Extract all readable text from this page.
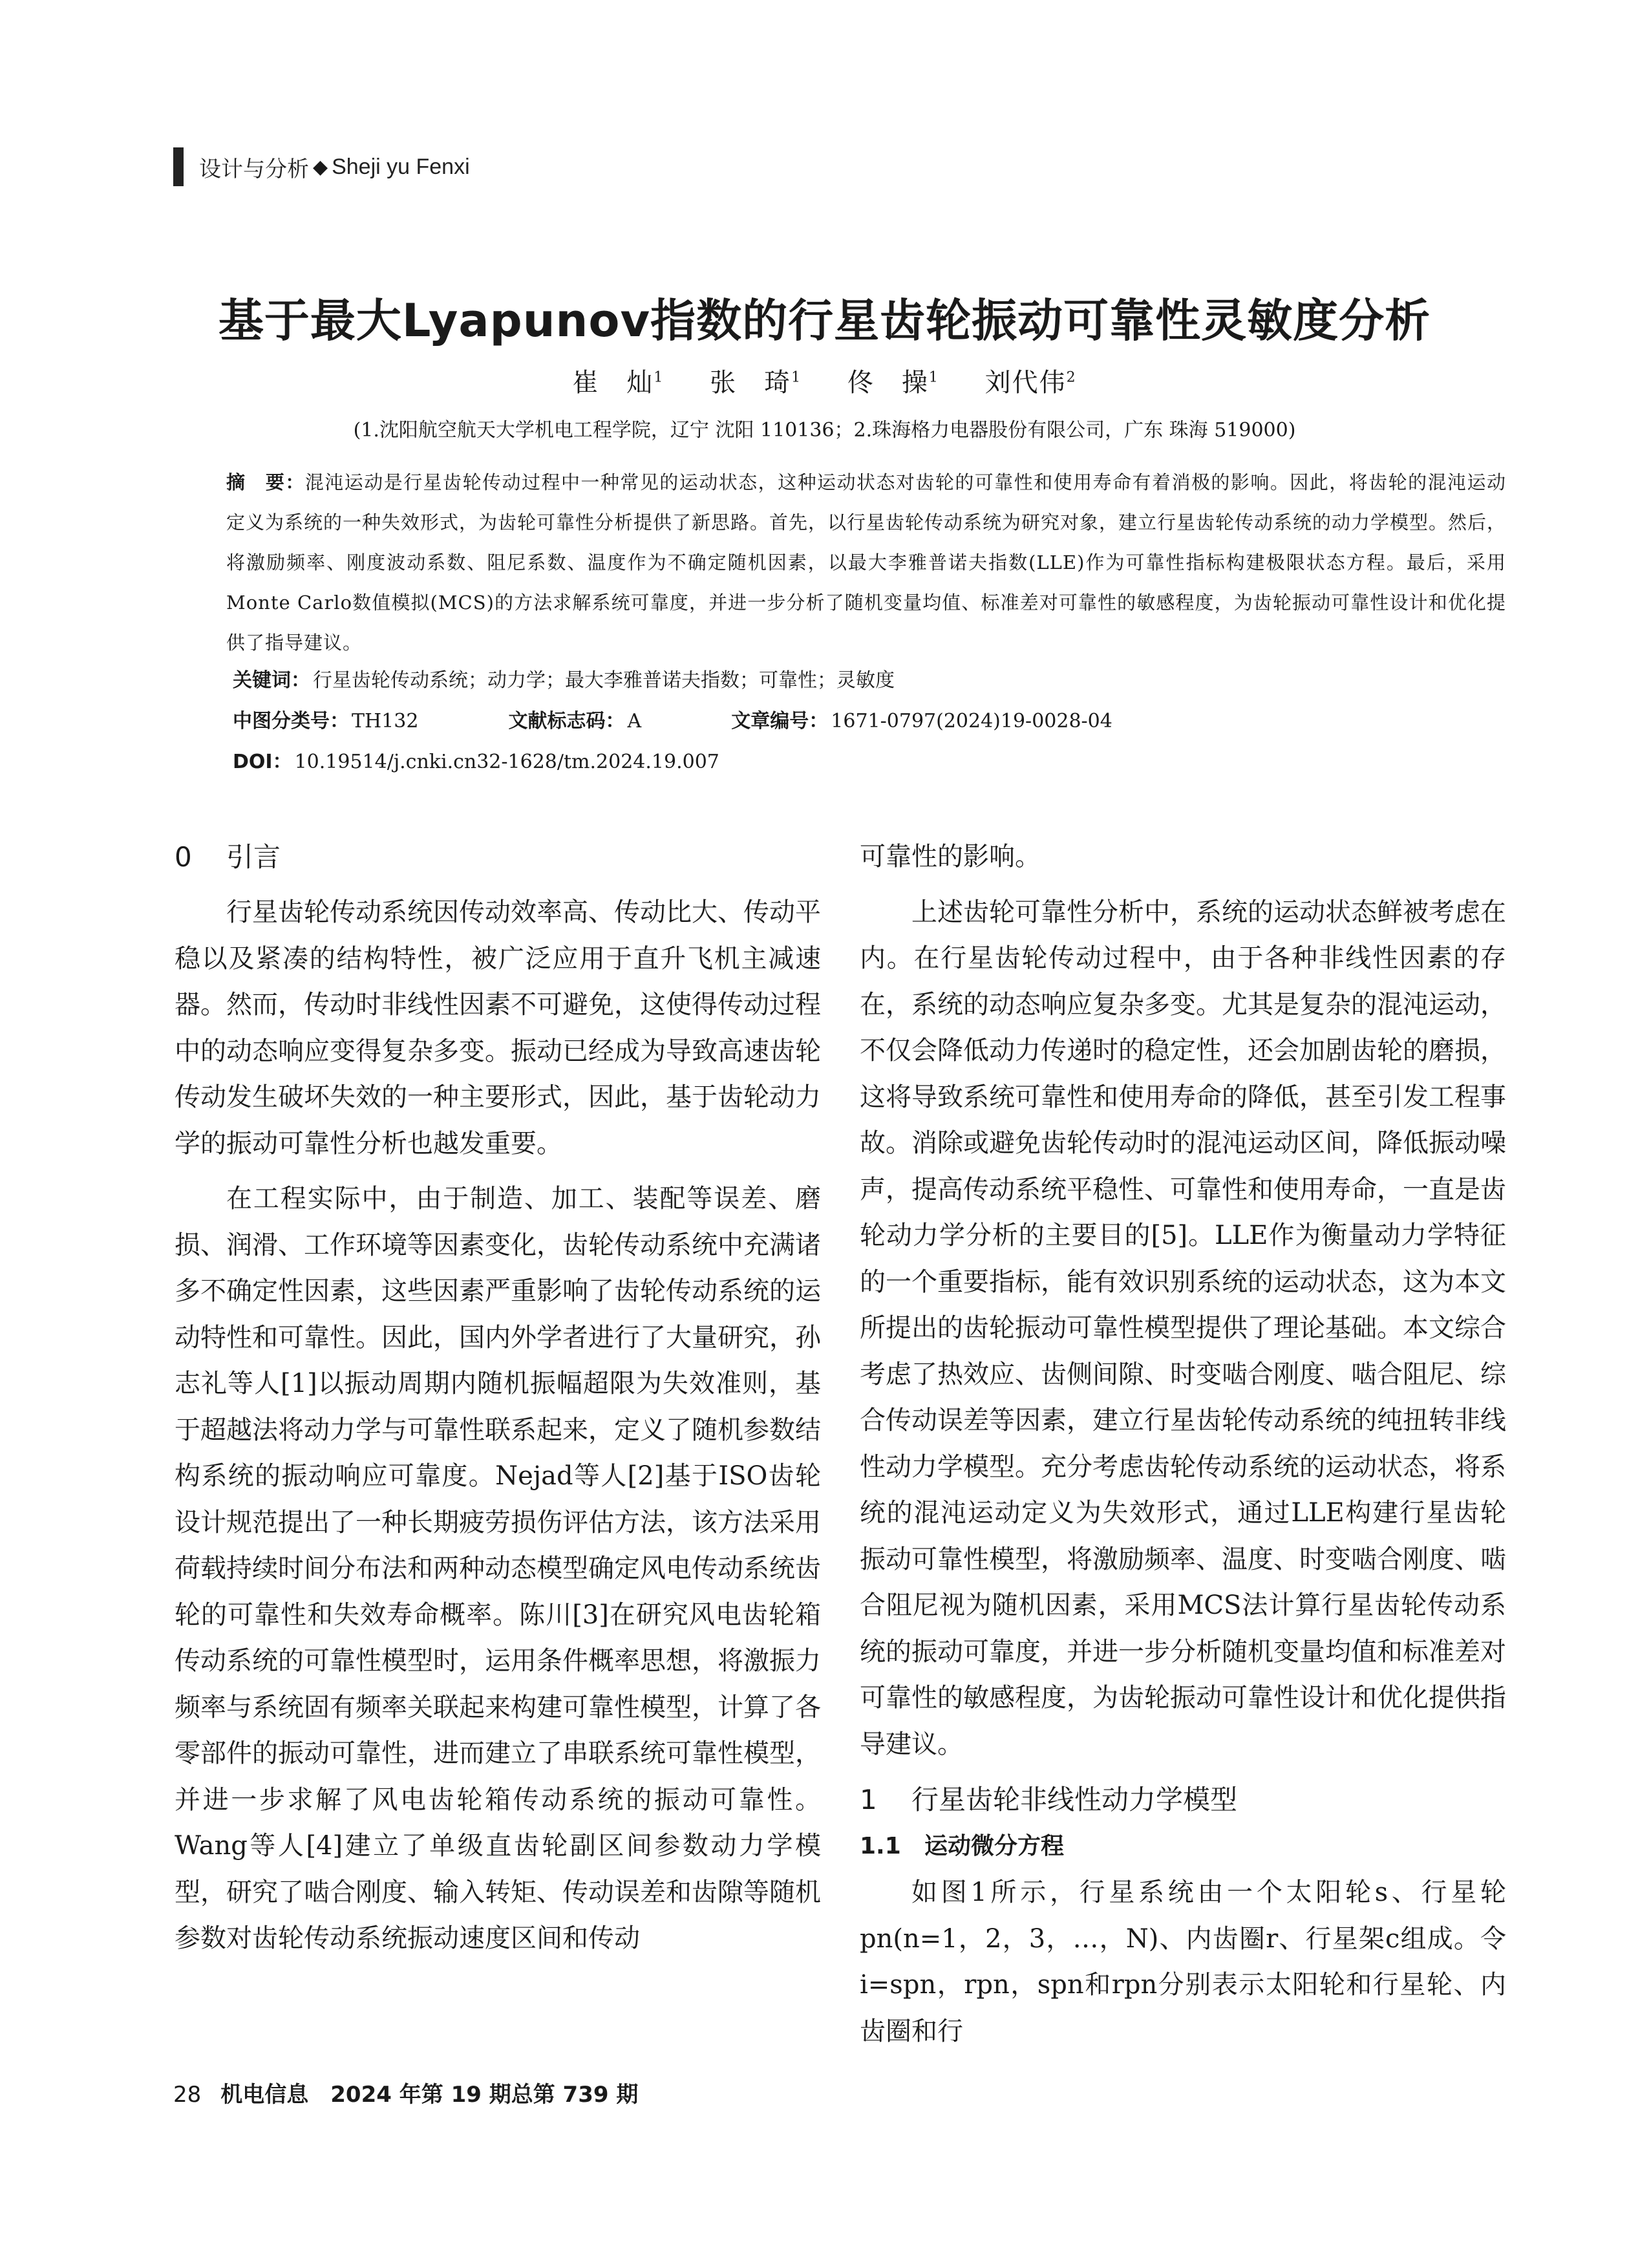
设计与分析 ◆ Sheji yu Fenxi
基于最大Lyapunov指数的行星齿轮振动可靠性灵敏度分析
崔　灿$^1$ 张　琦$^1$ 佟　操$^1$ 刘代伟$^2$
(1.沈阳航空航天大学机电工程学院，辽宁 沈阳 110136；2.珠海格力电器股份有限公司，广东 珠海 519000)
摘　要：混沌运动是行星齿轮传动过程中一种常见的运动状态，这种运动状态对齿轮的可靠性和使用寿命有着消极的影响。因此，将齿轮的混沌运动定义为系统的一种失效形式，为齿轮可靠性分析提供了新思路。首先，以行星齿轮传动系统为研究对象，建立行星齿轮传动系统的动力学模型。然后，将激励频率、刚度波动系数、阻尼系数、温度作为不确定随机因素，以最大李雅普诺夫指数(LLE)作为可靠性指标构建极限状态方程。最后，采用Monte Carlo数值模拟(MCS)的方法求解系统可靠度，并进一步分析了随机变量均值、标准差对可靠性的敏感程度，为齿轮振动可靠性设计和优化提供了指导建议。
关键词： 行星齿轮传动系统；动力学；最大李雅普诺夫指数；可靠性；灵敏度
中图分类号： TH132	文献标志码： A	文章编号： 1671-0797(2024)19-0028-04
DOI： 10.19514/j.cnki.cn32-1628/tm.2024.19.007
0 引言

行星齿轮传动系统因传动效率高、传动比大、传动平稳以及紧凑的结构特性，被广泛应用于直升飞机主减速器。然而，传动时非线性因素不可避免，这使得传动过程中的动态响应变得复杂多变。振动已经成为导致高速齿轮传动发生破坏失效的一种主要形式，因此，基于齿轮动力学的振动可靠性分析也越发重要。

在工程实际中，由于制造、加工、装配等误差、磨损、润滑、工作环境等因素变化，齿轮传动系统中充满诸多不确定性因素，这些因素严重影响了齿轮传动系统的运动特性和可靠性。因此，国内外学者进行了大量研究，孙志礼等人[1]以振动周期内随机振幅超限为失效准则，基于超越法将动力学与可靠性联系起来，定义了随机参数结构系统的振动响应可靠度。Nejad等人[2]基于ISO齿轮设计规范提出了一种长期疲劳损伤评估方法，该方法采用荷载持续时间分布法和两种动态模型确定风电传动系统齿轮的可靠性和失效寿命概率。陈川[3]在研究风电齿轮箱传动系统的可靠性模型时，运用条件概率思想，将激振力频率与系统固有频率关联起来构建可靠性模型，计算了各零部件的振动可靠性，进而建立了串联系统可靠性模型，并进一步求解了风电齿轮箱传动系统的振动可靠性。Wang等人[4]建立了单级直齿轮副区间参数动力学模型，研究了啮合刚度、输入转矩、传动误差和齿隙等随机参数对齿轮传动系统振动速度区间和传动

可靠性的影响。

上述齿轮可靠性分析中，系统的运动状态鲜被考虑在内。在行星齿轮传动过程中，由于各种非线性因素的存在，系统的动态响应复杂多变。尤其是复杂的混沌运动，不仅会降低动力传递时的稳定性，还会加剧齿轮的磨损，这将导致系统可靠性和使用寿命的降低，甚至引发工程事故。消除或避免齿轮传动时的混沌运动区间，降低振动噪声，提高传动系统平稳性、可靠性和使用寿命，一直是齿轮动力学分析的主要目的[5]。LLE作为衡量动力学特征的一个重要指标，能有效识别系统的运动状态，这为本文所提出的齿轮振动可靠性模型提供了理论基础。本文综合考虑了热效应、齿侧间隙、时变啮合刚度、啮合阻尼、综合传动误差等因素，建立行星齿轮传动系统的纯扭转非线性动力学模型。充分考虑齿轮传动系统的运动状态，将系统的混沌运动定义为失效形式，通过LLE构建行星齿轮振动可靠性模型，将激励频率、温度、时变啮合刚度、啮合阻尼视为随机因素，采用MCS法计算行星齿轮传动系统的振动可靠度，并进一步分析随机变量均值和标准差对可靠性的敏感程度，为齿轮振动可靠性设计和优化提供指导建议。

1 行星齿轮非线性动力学模型
1.1 运动微分方程

如图1所示，行星系统由一个太阳轮s、行星轮pn(n=1，2，3，…，N)、内齿圈r、行星架c组成。令i=spn，rpn，spn和rpn分别表示太阳轮和行星轮、内齿圈和行

28 机电信息　2024 年第 19 期总第 739 期
